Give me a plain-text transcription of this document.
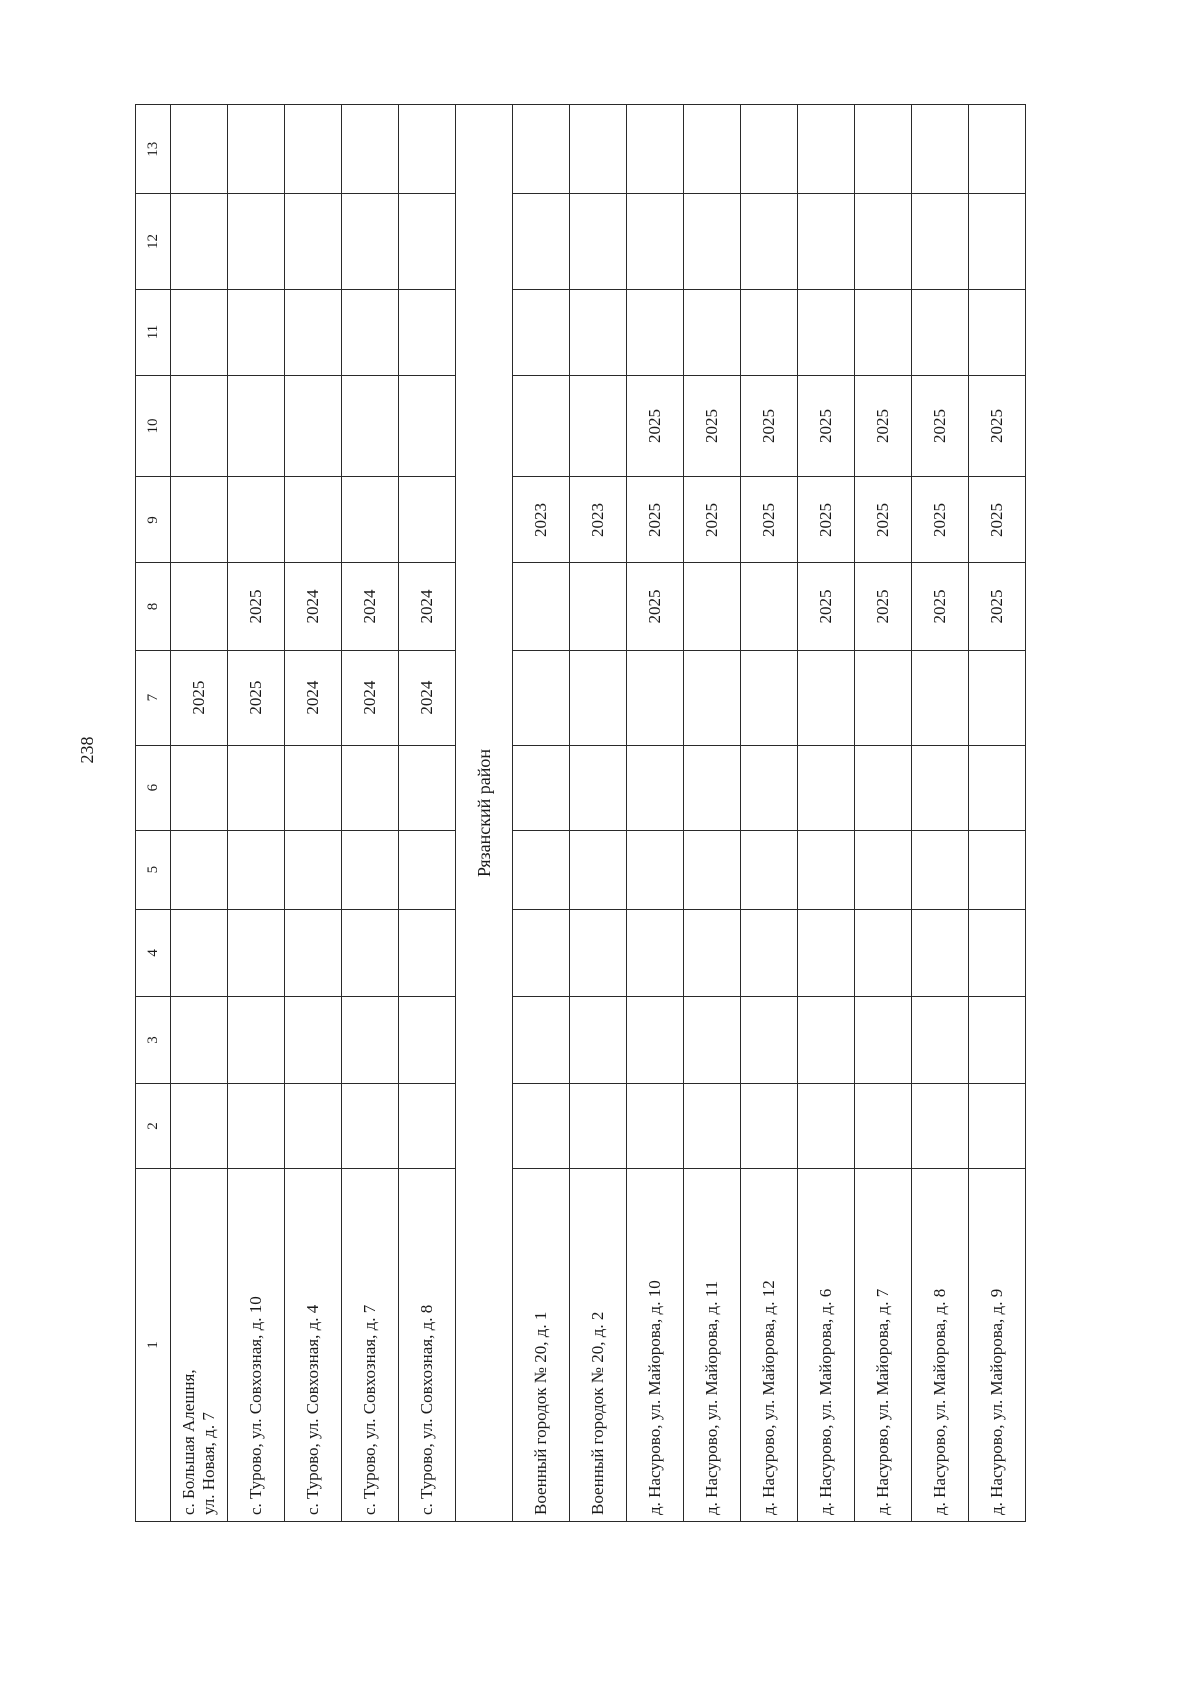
238
1	2	3	4	5	6	7	8	9	10	11	12	13
с. Большая Алешня,
ул. Новая, д. 7						2025						
с. Турово, ул. Совхозная, д. 10						2025	2025					
с. Турово, ул. Совхозная, д. 4						2024	2024					
с. Турово, ул. Совхозная, д. 7						2024	2024					
с. Турово, ул. Совхозная, д. 8						2024	2024					
Рязанский район												
Военный городок № 20, д. 1								2023				
Военный городок № 20, д. 2								2023				
д. Насурово, ул. Майорова, д. 10							2025	2025	2025			
д. Насурово, ул. Майорова, д. 11								2025	2025			
д. Насурово, ул. Майорова, д. 12								2025	2025			
д. Насурово, ул. Майорова, д. 6							2025	2025	2025			
д. Насурово, ул. Майорова, д. 7							2025	2025	2025			
д. Насурово, ул. Майорова, д. 8							2025	2025	2025			
д. Насурово, ул. Майорова, д. 9							2025	2025	2025			
